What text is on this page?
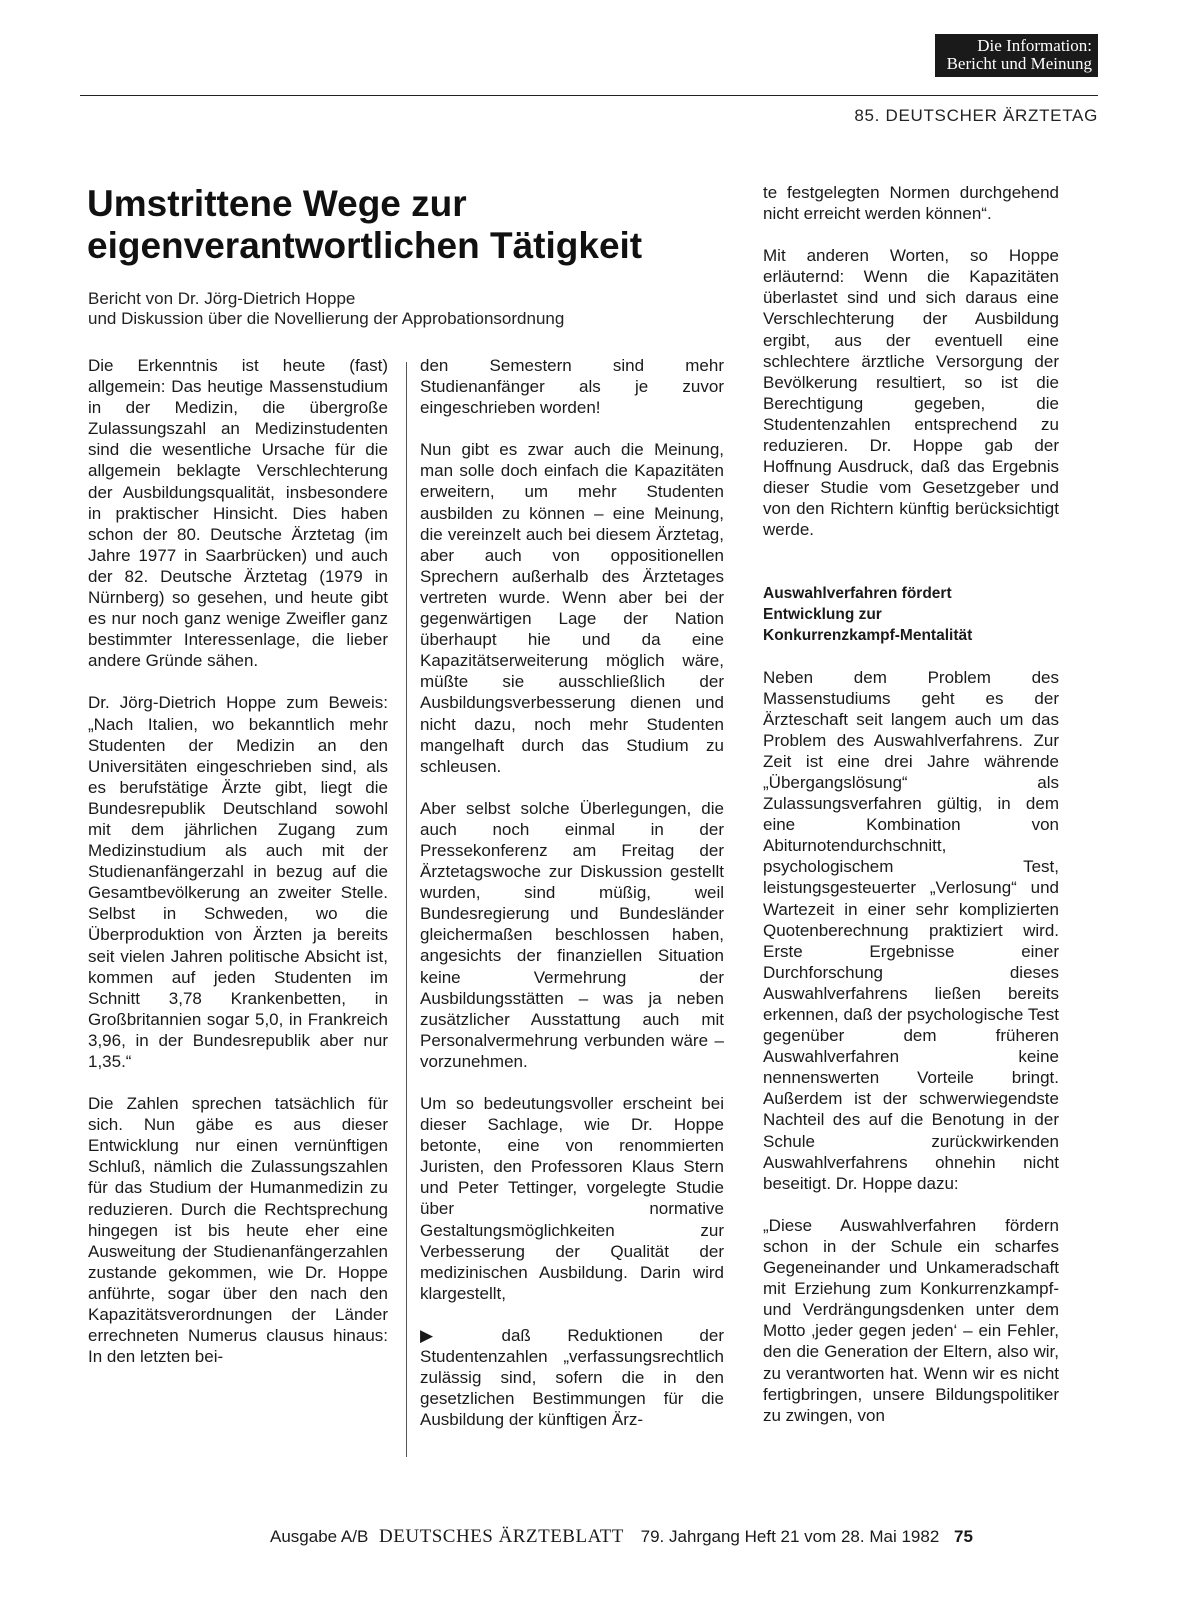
Die Information:
Bericht und Meinung
85. DEUTSCHER ÄRZTETAG
Umstrittene Wege zur
eigenverantwortlichen Tätigkeit

Bericht von Dr. Jörg-Dietrich Hoppe
und Diskussion über die Novellierung der Approbationsordnung

Die Erkenntnis ist heute (fast) allgemein: Das heutige Massenstudium in der Medizin, die übergroße Zulassungszahl an Medizinstudenten sind die wesentliche Ursache für die allgemein beklagte Verschlechterung der Ausbildungsqualität, insbesondere in praktischer Hinsicht. Dies haben schon der 80. Deutsche Ärztetag (im Jahre 1977 in Saarbrücken) und auch der 82. Deutsche Ärztetag (1979 in Nürnberg) so gesehen, und heute gibt es nur noch ganz wenige Zweifler ganz bestimmter Interessenlage, die lieber andere Gründe sähen.

Dr. Jörg-Dietrich Hoppe zum Beweis: „Nach Italien, wo bekanntlich mehr Studenten der Medizin an den Universitäten eingeschrieben sind, als es berufstätige Ärzte gibt, liegt die Bundesrepublik Deutschland sowohl mit dem jährlichen Zugang zum Medizinstudium als auch mit der Studienanfängerzahl in bezug auf die Gesamtbevölkerung an zweiter Stelle. Selbst in Schweden, wo die Überproduktion von Ärzten ja bereits seit vielen Jahren politische Absicht ist, kommen auf jeden Studenten im Schnitt 3,78 Krankenbetten, in Großbritannien sogar 5,0, in Frankreich 3,96, in der Bundesrepublik aber nur 1,35.“

Die Zahlen sprechen tatsächlich für sich. Nun gäbe es aus dieser Entwicklung nur einen vernünftigen Schluß, nämlich die Zulassungszahlen für das Studium der Humanmedizin zu reduzieren. Durch die Rechtsprechung hingegen ist bis heute eher eine Ausweitung der Studienanfängerzahlen zustande gekommen, wie Dr. Hoppe anführte, sogar über den nach den Kapazitätsverordnungen der Länder errechneten Numerus clausus hinaus: In den letzten bei-

den Semestern sind mehr Studienanfänger als je zuvor eingeschrieben worden!

Nun gibt es zwar auch die Meinung, man solle doch einfach die Kapazitäten erweitern, um mehr Studenten ausbilden zu können – eine Meinung, die vereinzelt auch bei diesem Ärztetag, aber auch von oppositionellen Sprechern außerhalb des Ärztetages vertreten wurde. Wenn aber bei der gegenwärtigen Lage der Nation überhaupt hie und da eine Kapazitätserweiterung möglich wäre, müßte sie ausschließlich der Ausbildungsverbesserung dienen und nicht dazu, noch mehr Studenten mangelhaft durch das Studium zu schleusen.

Aber selbst solche Überlegungen, die auch noch einmal in der Pressekonferenz am Freitag der Ärztetagswoche zur Diskussion gestellt wurden, sind müßig, weil Bundesregierung und Bundesländer gleichermaßen beschlossen haben, angesichts der finanziellen Situation keine Vermehrung der Ausbildungsstätten – was ja neben zusätzlicher Ausstattung auch mit Personalvermehrung verbunden wäre – vorzunehmen.

Um so bedeutungsvoller erscheint bei dieser Sachlage, wie Dr. Hoppe betonte, eine von renommierten Juristen, den Professoren Klaus Stern und Peter Tettinger, vorgelegte Studie über normative Gestaltungsmöglichkeiten zur Verbesserung der Qualität der medizinischen Ausbildung. Darin wird klargestellt,

▶ daß Reduktionen der Studentenzahlen „verfassungsrechtlich zulässig sind, sofern die in den gesetzlichen Bestimmungen für die Ausbildung der künftigen Ärz-

te festgelegten Normen durchgehend nicht erreicht werden können“.

Mit anderen Worten, so Hoppe erläuternd: Wenn die Kapazitäten überlastet sind und sich daraus eine Verschlechterung der Ausbildung ergibt, aus der eventuell eine schlechtere ärztliche Versorgung der Bevölkerung resultiert, so ist die Berechtigung gegeben, die Studentenzahlen entsprechend zu reduzieren. Dr. Hoppe gab der Hoffnung Ausdruck, daß das Ergebnis dieser Studie vom Gesetzgeber und von den Richtern künftig berücksichtigt werde.

Auswahlverfahren fördert
Entwicklung zur
Konkurrenzkampf-Mentalität

Neben dem Problem des Massenstudiums geht es der Ärzteschaft seit langem auch um das Problem des Auswahlverfahrens. Zur Zeit ist eine drei Jahre währende „Übergangslösung“ als Zulassungsverfahren gültig, in dem eine Kombination von Abiturnotendurchschnitt, psychologischem Test, leistungsgesteuerter „Verlosung“ und Wartezeit in einer sehr komplizierten Quotenberechnung praktiziert wird. Erste Ergebnisse einer Durchforschung dieses Auswahlverfahrens ließen bereits erkennen, daß der psychologische Test gegenüber dem früheren Auswahlverfahren keine nennenswerten Vorteile bringt. Außerdem ist der schwerwiegendste Nachteil des auf die Benotung in der Schule zurückwirkenden Auswahlverfahrens ohnehin nicht beseitigt. Dr. Hoppe dazu:

„Diese Auswahlverfahren fördern schon in der Schule ein scharfes Gegeneinander und Unkameradschaft mit Erziehung zum Konkurrenzkampf- und Verdrängungsdenken unter dem Motto ‚jeder gegen jeden‘ – ein Fehler, den die Generation der Eltern, also wir, zu verantworten hat. Wenn wir es nicht fertigbringen, unsere Bildungspolitiker zu zwingen, von

Ausgabe A/B DEUTSCHES ÄRZTEBLATT 79. Jahrgang Heft 21 vom 28. Mai 1982 75
